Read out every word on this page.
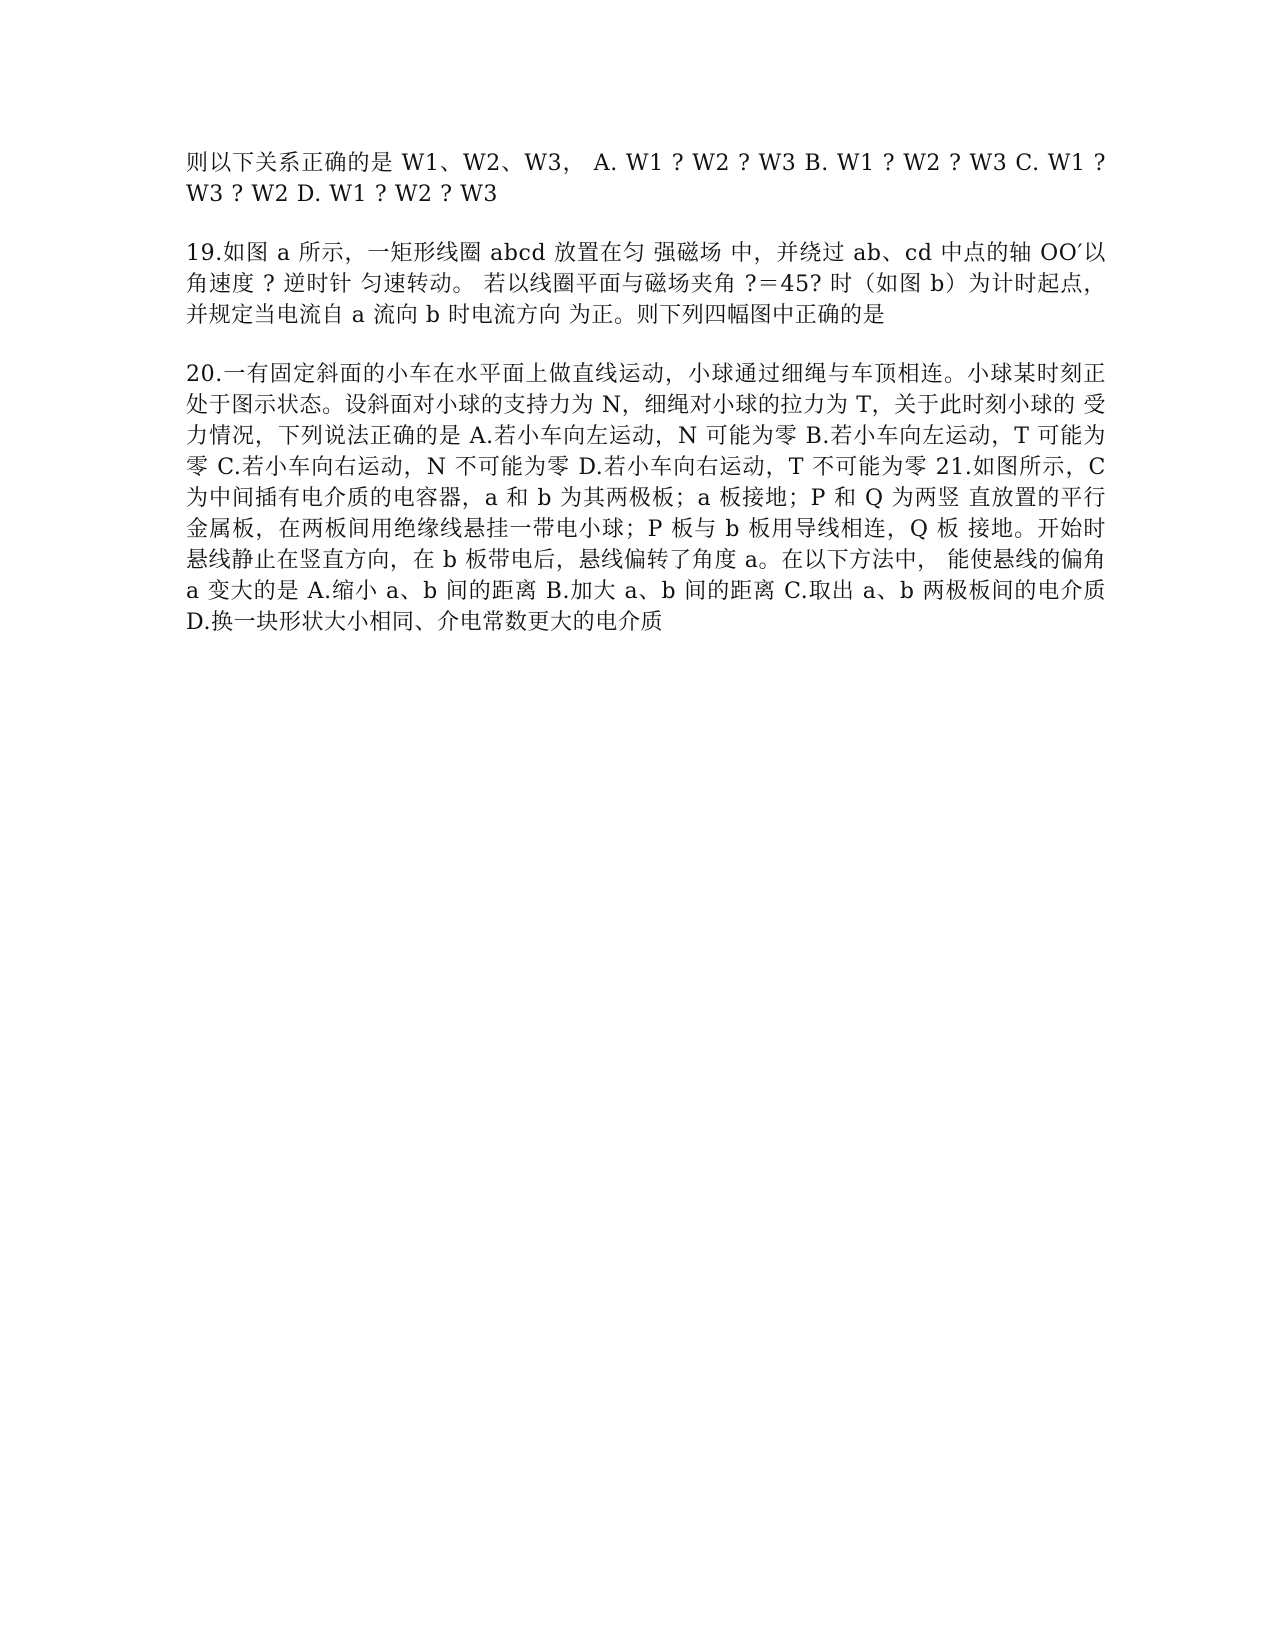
则以下关系正确的是 W1、W2、W3， A. W1 ? W2 ? W3 B. W1 ? W2 ? W3 C. W1 ? W3 ? W2 D. W1 ? W2 ? W3

19.如图 a 所示，一矩形线圈 abcd 放置在匀 强磁场 中，并绕过 ab、cd 中点的轴 OO′以角速度 ? 逆时针 匀速转动。 若以线圈平面与磁场夹角 ?＝45? 时（如图 b）为计时起点，并规定当电流自 a 流向 b 时电流方向 为正。则下列四幅图中正确的是

20.一有固定斜面的小车在水平面上做直线运动，小球通过细绳与车顶相连。小球某时刻正 处于图示状态。设斜面对小球的支持力为 N，细绳对小球的拉力为 T，关于此时刻小球的 受力情况，下列说法正确的是 A.若小车向左运动，N 可能为零 B.若小车向左运动，T 可能为零 C.若小车向右运动，N 不可能为零 D.若小车向右运动，T 不可能为零 21.如图所示，C 为中间插有电介质的电容器，a 和 b 为其两极板；a 板接地；P 和 Q 为两竖 直放置的平行金属板，在两板间用绝缘线悬挂一带电小球；P 板与 b 板用导线相连，Q 板 接地。开始时悬线静止在竖直方向，在 b 板带电后，悬线偏转了角度 a。在以下方法中， 能使悬线的偏角 a 变大的是 A.缩小 a、b 间的距离 B.加大 a、b 间的距离 C.取出 a、b 两极板间的电介质 D.换一块形状大小相同、介电常数更大的电介质
